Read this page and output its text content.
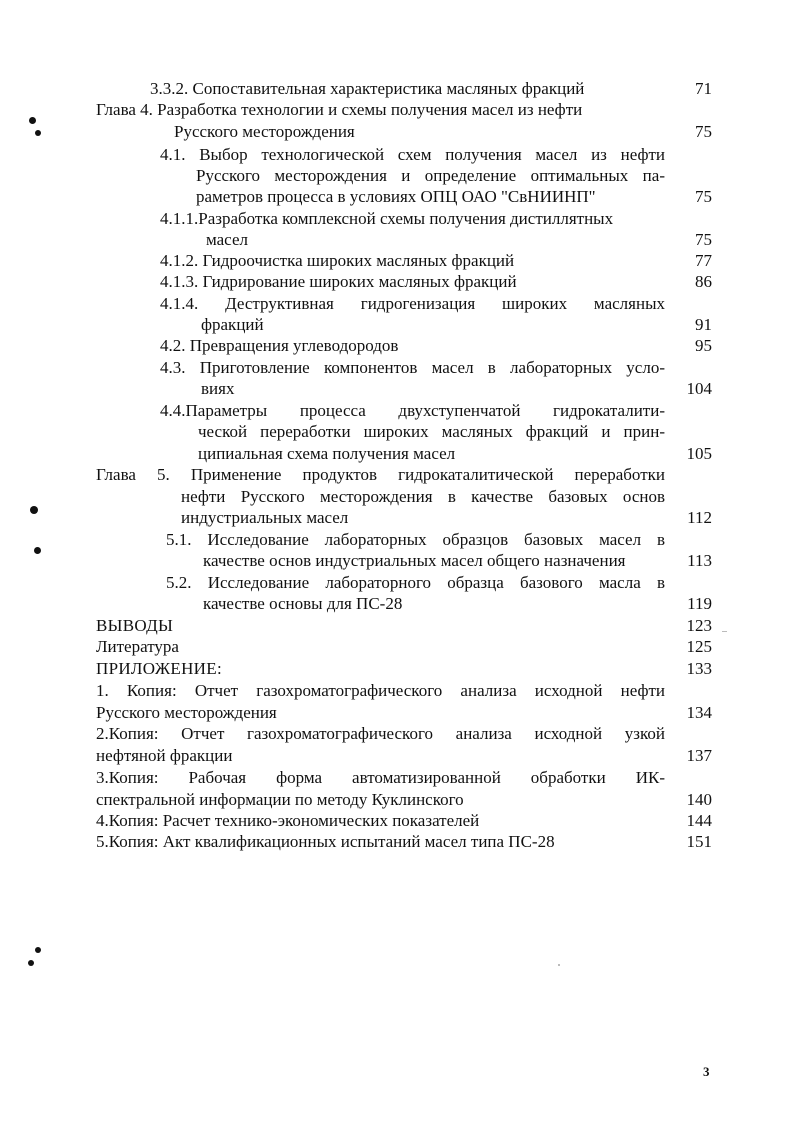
3.3.2. Сопоставительная характеристика масляных фракций	71
Глава 4. Разработка технологии и схемы получения масел из нефти
Русского месторождения	75
4.1. Выбор технологической схем получения масел из нефти
Русского месторождения и определение оптимальных па-
раметров процесса в условиях ОПЦ ОАО "СвНИИНП"	75
4.1.1.Разработка комплексной схемы получения дистиллятных
масел	75
4.1.2. Гидроочистка широких масляных фракций	77
4.1.3. Гидрирование широких масляных фракций	86
4.1.4. Деструктивная гидрогенизация широких масляных
фракций	91
4.2. Превращения углеводородов	95
4.3. Приготовление компонентов масел в лабораторных усло-
виях	104
4.4.Параметры процесса двухступенчатой гидрокаталити-
ческой переработки широких масляных фракций и прин-
ципиальная схема получения масел	105
Глава 5. Применение продуктов гидрокаталитической переработки
нефти Русского месторождения в качестве базовых основ
индустриальных масел	112
5.1. Исследование лабораторных образцов базовых масел в
качестве основ индустриальных масел общего назначения	113
5.2. Исследование лабораторного образца базового масла в
качестве основы для ПС-28	119
ВЫВОДЫ	123
Литература	125
ПРИЛОЖЕНИЕ:	133
1. Копия: Отчет газохроматографического анализа исходной нефти
Русского месторождения	134
2.Копия: Отчет газохроматографического анализа исходной узкой
нефтяной фракции	137
3.Копия: Рабочая форма автоматизированной обработки ИК-
спектральной информации по методу Куклинского	140
4.Копия: Расчет технико-экономических показателей	144
5.Копия: Акт квалификационных испытаний масел типа ПС-28	151
3
